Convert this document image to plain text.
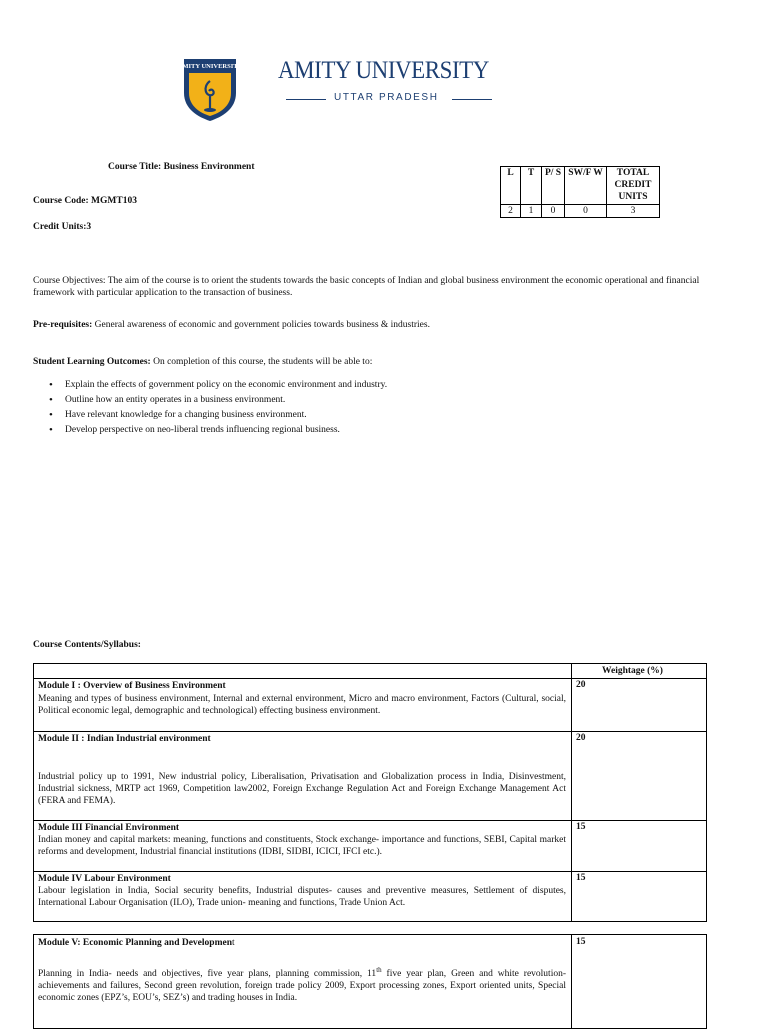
AMITY UNIVERSITY AMITY UNIVERSITY
UTTAR PRADESH
Course Title: Business Environment
Course Code: MGMT103
Credit Units:3
L	T	P/ S	SW/F W	TOTAL CREDIT UNITS
2	1	0	0	3

Course Objectives: The aim of the course is to orient the students towards the basic concepts of Indian and global business environment the economic operational and financial framework with particular application to the transaction of business.

Pre-requisites: General awareness of economic and government policies towards business & industries.

Student Learning Outcomes: On completion of this course, the students will be able to:

• Explain the effects of government policy on the economic environment and industry.
• Outline how an entity operates in a business environment.
• Have relevant knowledge for a changing business environment.
• Develop perspective on neo-liberal trends influencing regional business.
Course Contents/Syllabus:
Weightage (%)
Module I : Overview of Business Environment	20
Meaning and types of business environment, Internal and external environment, Micro and macro environment, Factors (Cultural, social, Political economic legal, demographic and technological) effecting business environment.
Module II : Indian Industrial environment	20
Industrial policy up to 1991, New industrial policy, Liberalisation, Privatisation and Globalization process in India, Disinvestment, Industrial sickness, MRTP act 1969, Competition law2002, Foreign Exchange Regulation Act and Foreign Exchange Management Act (FERA and FEMA).
Module III Financial Environment	15
Indian money and capital markets: meaning, functions and constituents, Stock exchange- importance and functions, SEBI, Capital market reforms and development, Industrial financial institutions (IDBI, SIDBI, ICICI, IFCI etc.).
Module IV Labour Environment	15
Labour legislation in India, Social security benefits, Industrial disputes- causes and preventive measures, Settlement of disputes, International Labour Organisation (ILO), Trade union- meaning and functions, Trade Union Act.
Module V: Economic Planning and Development	15
Planning in India- needs and objectives, five year plans, planning commission, 11th five year plan, Green and white revolution- achievements and failures, Second green revolution, foreign trade policy 2009, Export processing zones, Export oriented units, Special economic zones (EPZ’s, EOU’s, SEZ’s) and trading houses in India.
